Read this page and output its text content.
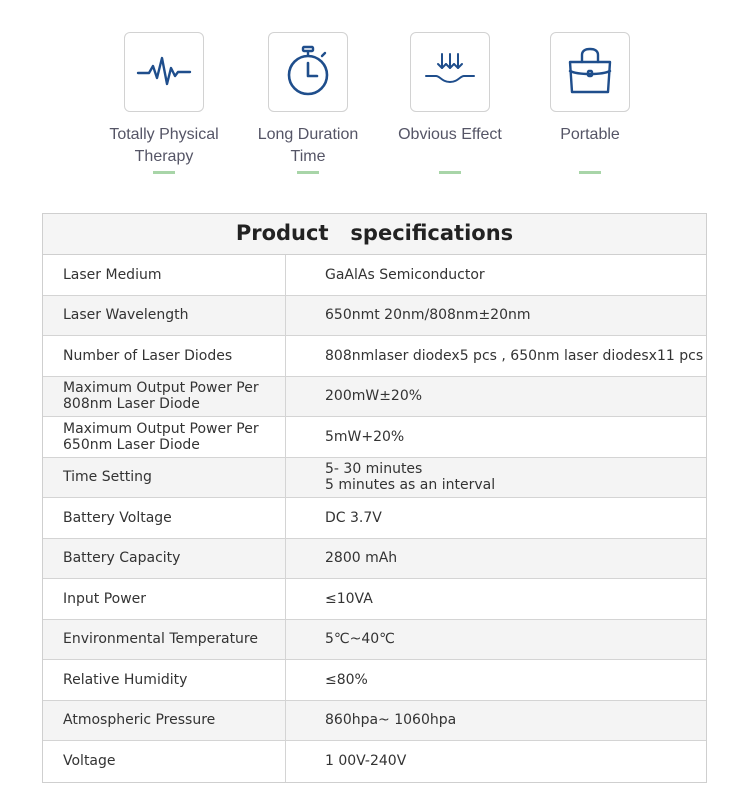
Totally Physical
Therapy
Long Duration
Time
Obvious Effect	Portable
Product   specifications
Laser Medium	GaAlAs Semiconductor
Laser Wavelength	650nmt 20nm/808nm±20nm
Number of Laser Diodes	808nmlaser diodex5 pcs , 650nm laser diodesx11 pcs
Maximum Output Power Per
808nm Laser Diode	200mW±20%
Maximum Output Power Per
650nm Laser Diode	5mW+20%
Time Setting	5- 30 minutes
5 minutes as an interval
Battery Voltage	DC 3.7V
Battery Capacity	2800 mAh
Input Power	≤10VA
Environmental Temperature	5℃~40℃
Relative Humidity	≤80%
Atmospheric Pressure	860hpa~ 1060hpa
Voltage	1 00V-240V
